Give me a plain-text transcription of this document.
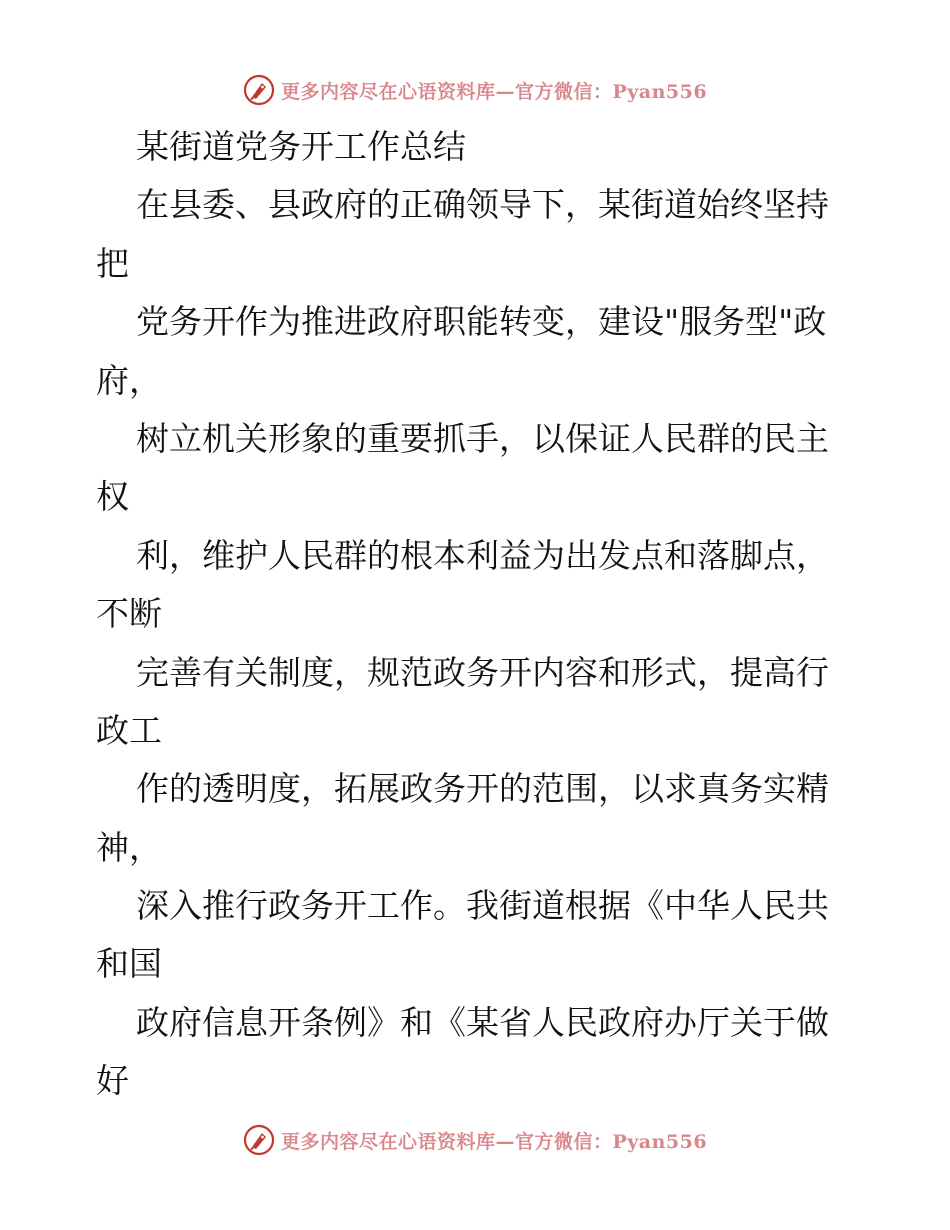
更多内容尽在心语资料库—官方微信：Pyan556
某街道党务开工作总结
在县委、县政府的正确领导下，某街道始终坚持
把
党务开作为推进政府职能转变，建设"服务型"政
府，
树立机关形象的重要抓手，以保证人民群的民主
权
利，维护人民群的根本利益为出发点和落脚点，
不断
完善有关制度，规范政务开内容和形式，提高行
政工
作的透明度，拓展政务开的范围，以求真务实精
神，
深入推行政务开工作。我街道根据《中华人民共
和国
政府信息开条例》和《某省人民政府办厅关于做
好
更多内容尽在心语资料库—官方微信：Pyan556
